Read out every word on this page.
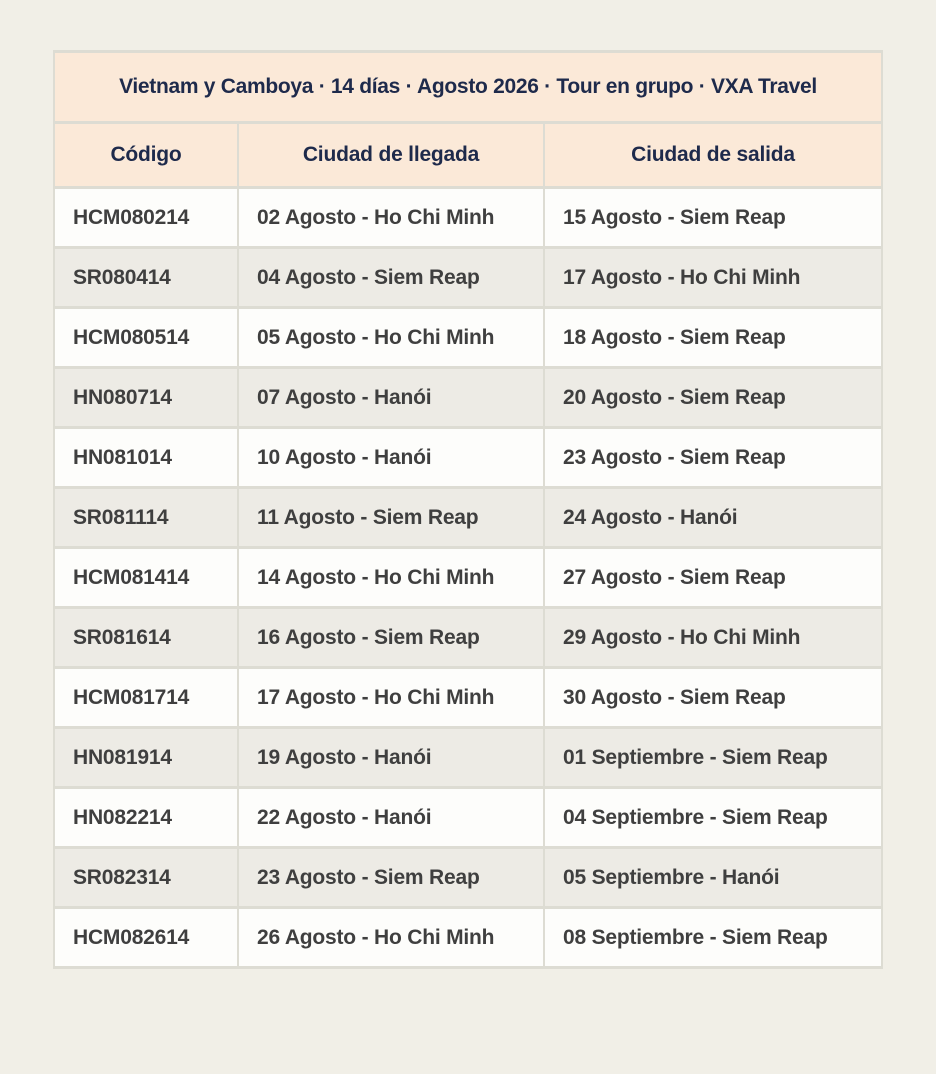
Vietnam y Camboya · 14 días · Agosto 2026 · Tour en grupo · VXA Travel		
Código	Ciudad de llegada	Ciudad de salida
HCM080214	02 Agosto - Ho Chi Minh	15 Agosto - Siem Reap
SR080414	04 Agosto - Siem Reap	17 Agosto - Ho Chi Minh
HCM080514	05 Agosto - Ho Chi Minh	18 Agosto - Siem Reap
HN080714	07 Agosto - Hanói	20 Agosto - Siem Reap
HN081014	10 Agosto - Hanói	23 Agosto - Siem Reap
SR081114	11 Agosto - Siem Reap	24 Agosto - Hanói
HCM081414	14 Agosto - Ho Chi Minh	27 Agosto - Siem Reap
SR081614	16 Agosto - Siem Reap	29 Agosto - Ho Chi Minh
HCM081714	17 Agosto - Ho Chi Minh	30 Agosto - Siem Reap
HN081914	19 Agosto - Hanói	01 Septiembre - Siem Reap
HN082214	22 Agosto - Hanói	04 Septiembre - Siem Reap
SR082314	23 Agosto - Siem Reap	05 Septiembre - Hanói
HCM082614	26 Agosto - Ho Chi Minh	08 Septiembre - Siem Reap
